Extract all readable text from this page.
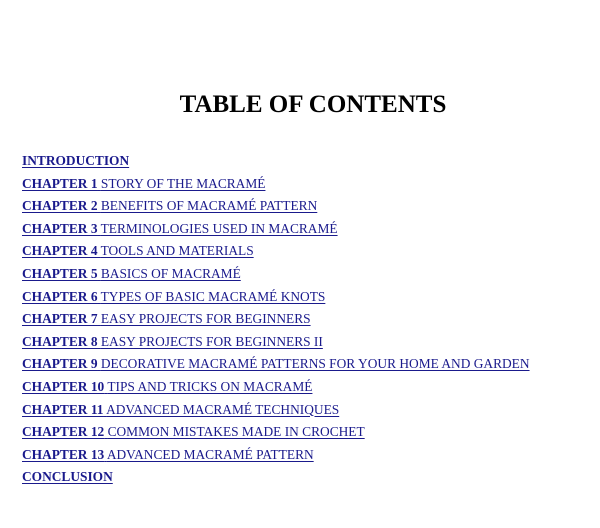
TABLE OF CONTENTS
INTRODUCTION
CHAPTER 1 STORY OF THE MACRAMÉ
CHAPTER 2 BENEFITS OF MACRAMÉ PATTERN
CHAPTER 3 TERMINOLOGIES USED IN MACRAMÉ
CHAPTER 4 TOOLS AND MATERIALS
CHAPTER 5 BASICS OF MACRAMÉ
CHAPTER 6 TYPES OF BASIC MACRAMÉ KNOTS
CHAPTER 7 EASY PROJECTS FOR BEGINNERS
CHAPTER 8 EASY PROJECTS FOR BEGINNERS II
CHAPTER 9 DECORATIVE MACRAMÉ PATTERNS FOR YOUR HOME AND GARDEN
CHAPTER 10 TIPS AND TRICKS ON MACRAMÉ
CHAPTER 11 ADVANCED MACRAMÉ TECHNIQUES
CHAPTER 12 COMMON MISTAKES MADE IN CROCHET
CHAPTER 13 ADVANCED MACRAMÉ PATTERN
CONCLUSION
